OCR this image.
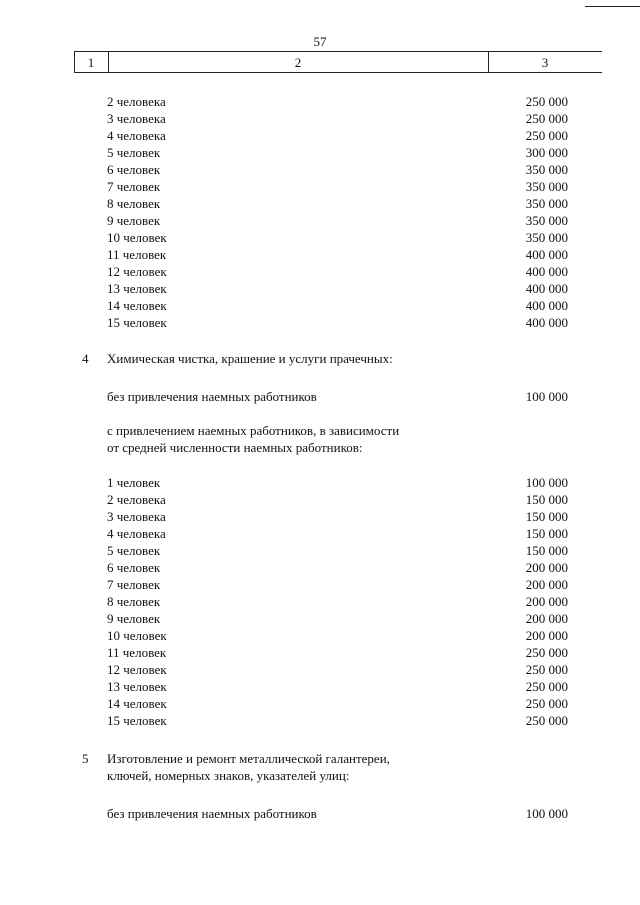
57
1	2	3
2 человека	250 000
3 человека	250 000
4 человека	250 000
5 человек	300 000
6 человек	350 000
7 человек	350 000
8 человек	350 000
9 человек	350 000
10 человек	350 000
11 человек	400 000
12 человек	400 000
13 человек	400 000
14 человек	400 000
15 человек	400 000
4	Химическая чистка, крашение и услуги прачечных:
без привлечения наемных работников	100 000
с привлечением наемных работников, в зависимости
от средней численности наемных работников:
1 человек	100 000
2 человека	150 000
3 человека	150 000
4 человека	150 000
5 человек	150 000
6 человек	200 000
7 человек	200 000
8 человек	200 000
9 человек	200 000
10 человек	200 000
11 человек	250 000
12 человек	250 000
13 человек	250 000
14 человек	250 000
15 человек	250 000
5	Изготовление и ремонт металлической галантереи,
ключей, номерных знаков, указателей улиц:
без привлечения наемных работников	100 000
